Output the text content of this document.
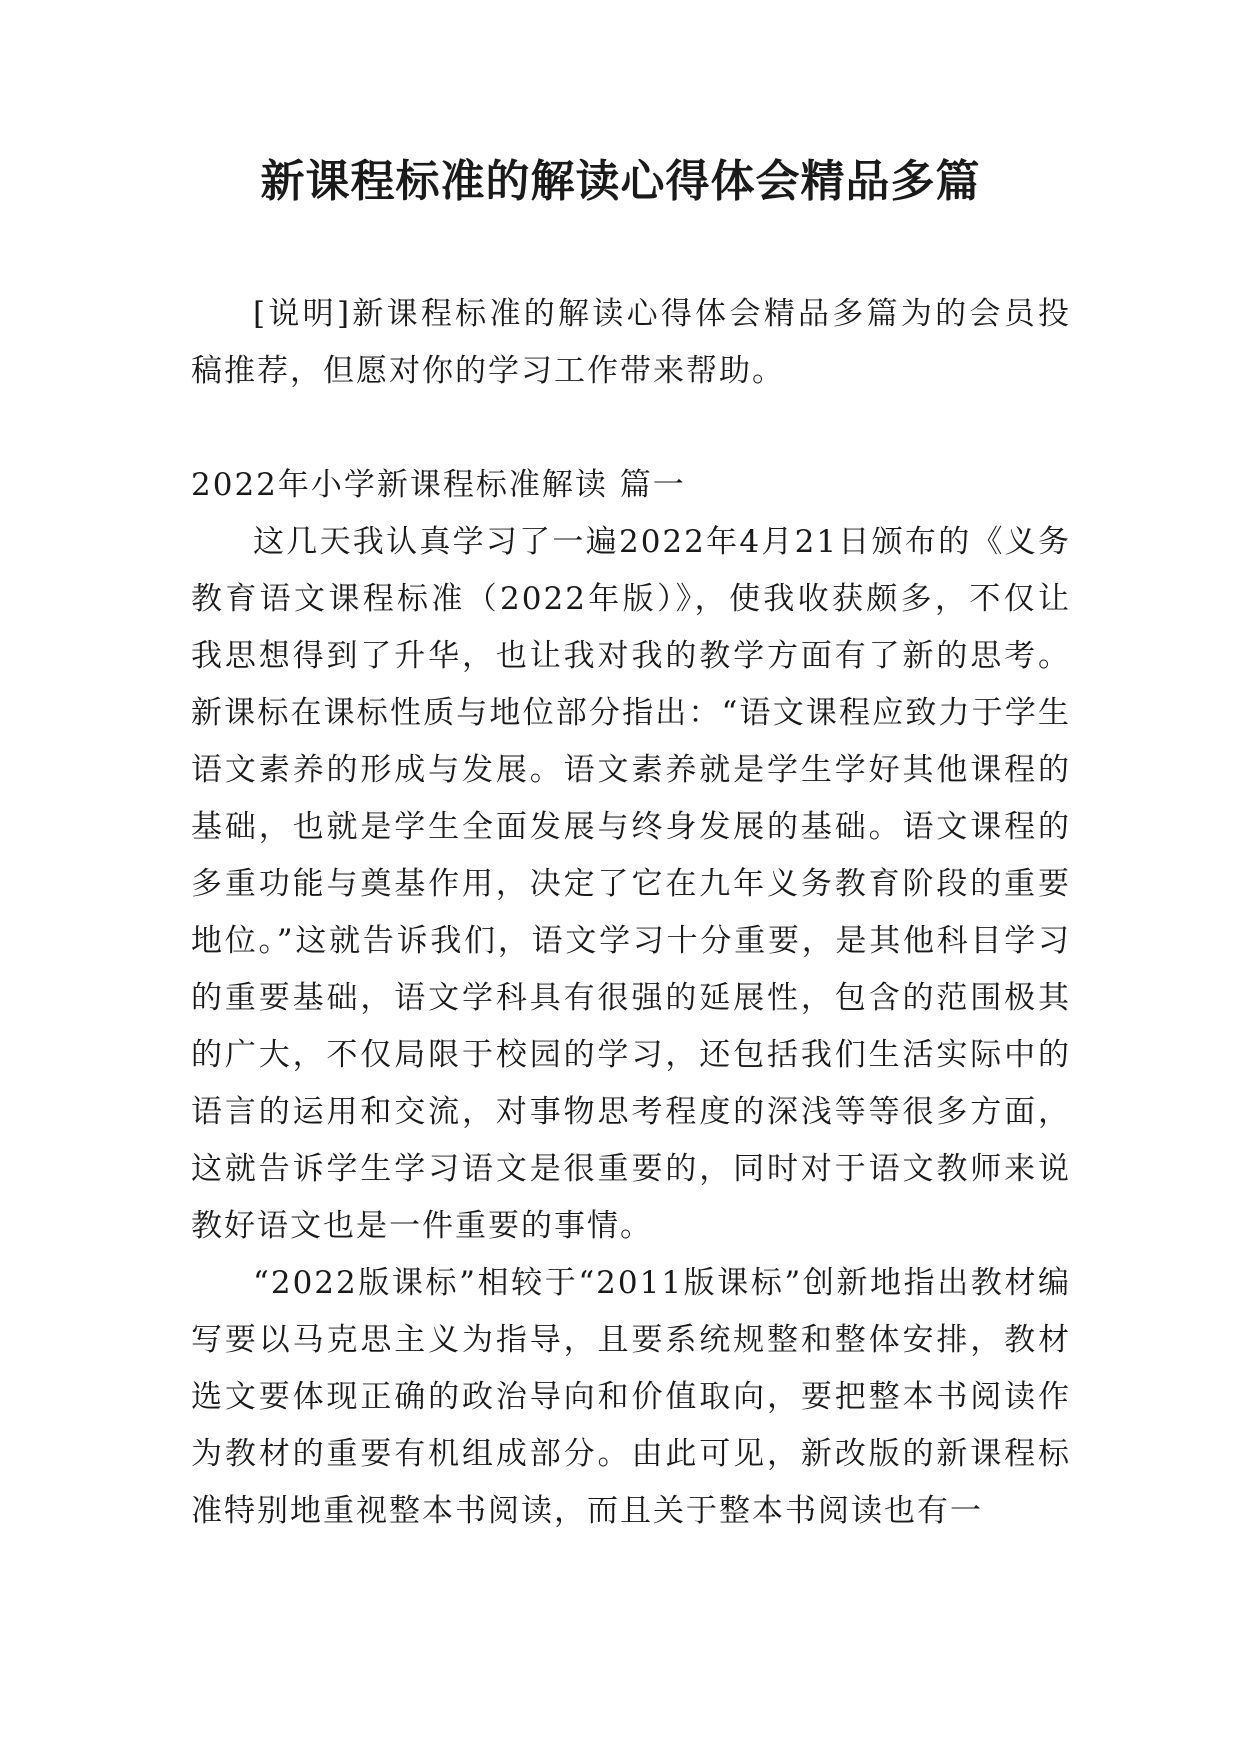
新课程标准的解读心得体会精品多篇

[说明]新课程标准的解读心得体会精品多篇为的会员投稿推荐，但愿对你的学习工作带来帮助。

2022年小学新课程标准解读 篇一

这几天我认真学习了一遍2022年4月21日颁布的《义务教育语文课程标准（2022年版）》，使我收获颇多，不仅让我思想得到了升华，也让我对我的教学方面有了新的思考。新课标在课标性质与地位部分指出：“语文课程应致力于学生语文素养的形成与发展。语文素养就是学生学好其他课程的基础，也就是学生全面发展与终身发展的基础。语文课程的多重功能与奠基作用，决定了它在九年义务教育阶段的重要地位。”这就告诉我们，语文学习十分重要，是其他科目学习的重要基础，语文学科具有很强的延展性，包含的范围极其的广大，不仅局限于校园的学习，还包括我们生活实际中的语言的运用和交流，对事物思考程度的深浅等等很多方面，这就告诉学生学习语文是很重要的，同时对于语文教师来说教好语文也是一件重要的事情。

“2022版课标”相较于“2011版课标”创新地指出教材编写要以马克思主义为指导，且要系统规整和整体安排，教材选文要体现正确的政治导向和价值取向，要把整本书阅读作为教材的重要有机组成部分。由此可见，新改版的新课程标准特别地重视整本书阅读，而且关于整本书阅读也有一
